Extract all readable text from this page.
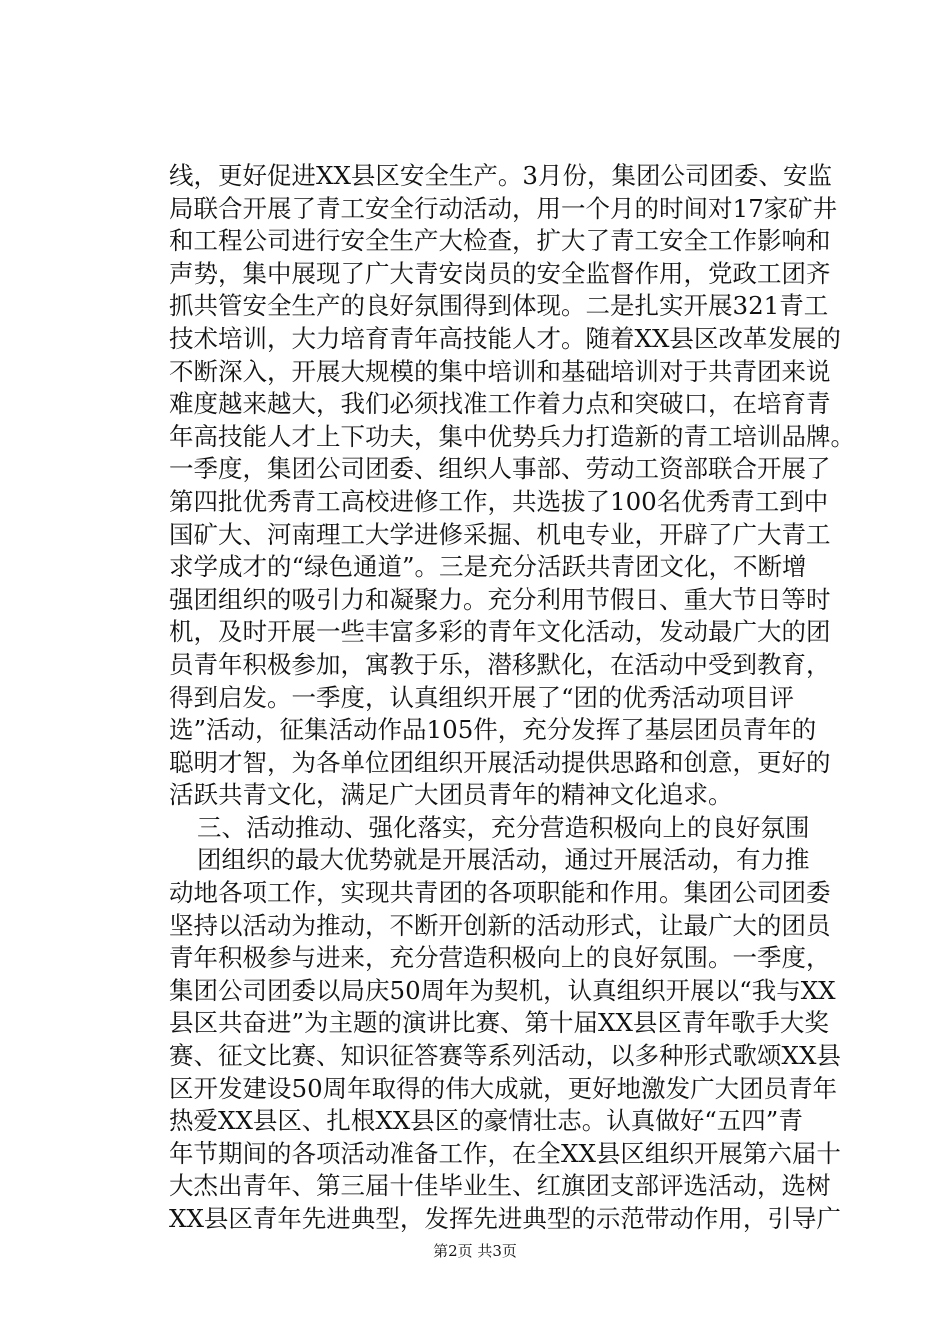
线，更好促进XX县区安全生产。3月份，集团公司团委、安监
局联合开展了青工安全行动活动，用一个月的时间对17家矿井
和工程公司进行安全生产大检查，扩大了青工安全工作影响和
声势，集中展现了广大青安岗员的安全监督作用，党政工团齐
抓共管安全生产的良好氛围得到体现。二是扎实开展321青工
技术培训，大力培育青年高技能人才。随着XX县区改革发展的
不断深入，开展大规模的集中培训和基础培训对于共青团来说
难度越来越大，我们必须找准工作着力点和突破口，在培育青
年高技能人才上下功夫，集中优势兵力打造新的青工培训品牌。
一季度，集团公司团委、组织人事部、劳动工资部联合开展了
第四批优秀青工高校进修工作，共选拔了100名优秀青工到中
国矿大、河南理工大学进修采掘、机电专业，开辟了广大青工
求学成才的“绿色通道”。三是充分活跃共青团文化，不断增
强团组织的吸引力和凝聚力。充分利用节假日、重大节日等时
机，及时开展一些丰富多彩的青年文化活动，发动最广大的团
员青年积极参加，寓教于乐，潜移默化，在活动中受到教育，
得到启发。一季度，认真组织开展了“团的优秀活动项目评
选”活动，征集活动作品105件，充分发挥了基层团员青年的
聪明才智，为各单位团组织开展活动提供思路和创意，更好的
活跃共青文化，满足广大团员青年的精神文化追求。
三、活动推动、强化落实，充分营造积极向上的良好氛围
团组织的最大优势就是开展活动，通过开展活动，有力推
动地各项工作，实现共青团的各项职能和作用。集团公司团委
坚持以活动为推动，不断开创新的活动形式，让最广大的团员
青年积极参与进来，充分营造积极向上的良好氛围。一季度，
集团公司团委以局庆50周年为契机，认真组织开展以“我与XX
县区共奋进”为主题的演讲比赛、第十届XX县区青年歌手大奖
赛、征文比赛、知识征答赛等系列活动，以多种形式歌颂XX县
区开发建设50周年取得的伟大成就，更好地激发广大团员青年
热爱XX县区、扎根XX县区的豪情壮志。认真做好“五四”青
年节期间的各项活动准备工作，在全XX县区组织开展第六届十
大杰出青年、第三届十佳毕业生、红旗团支部评选活动，选树
XX县区青年先进典型，发挥先进典型的示范带动作用，引导广
第2页 共3页
